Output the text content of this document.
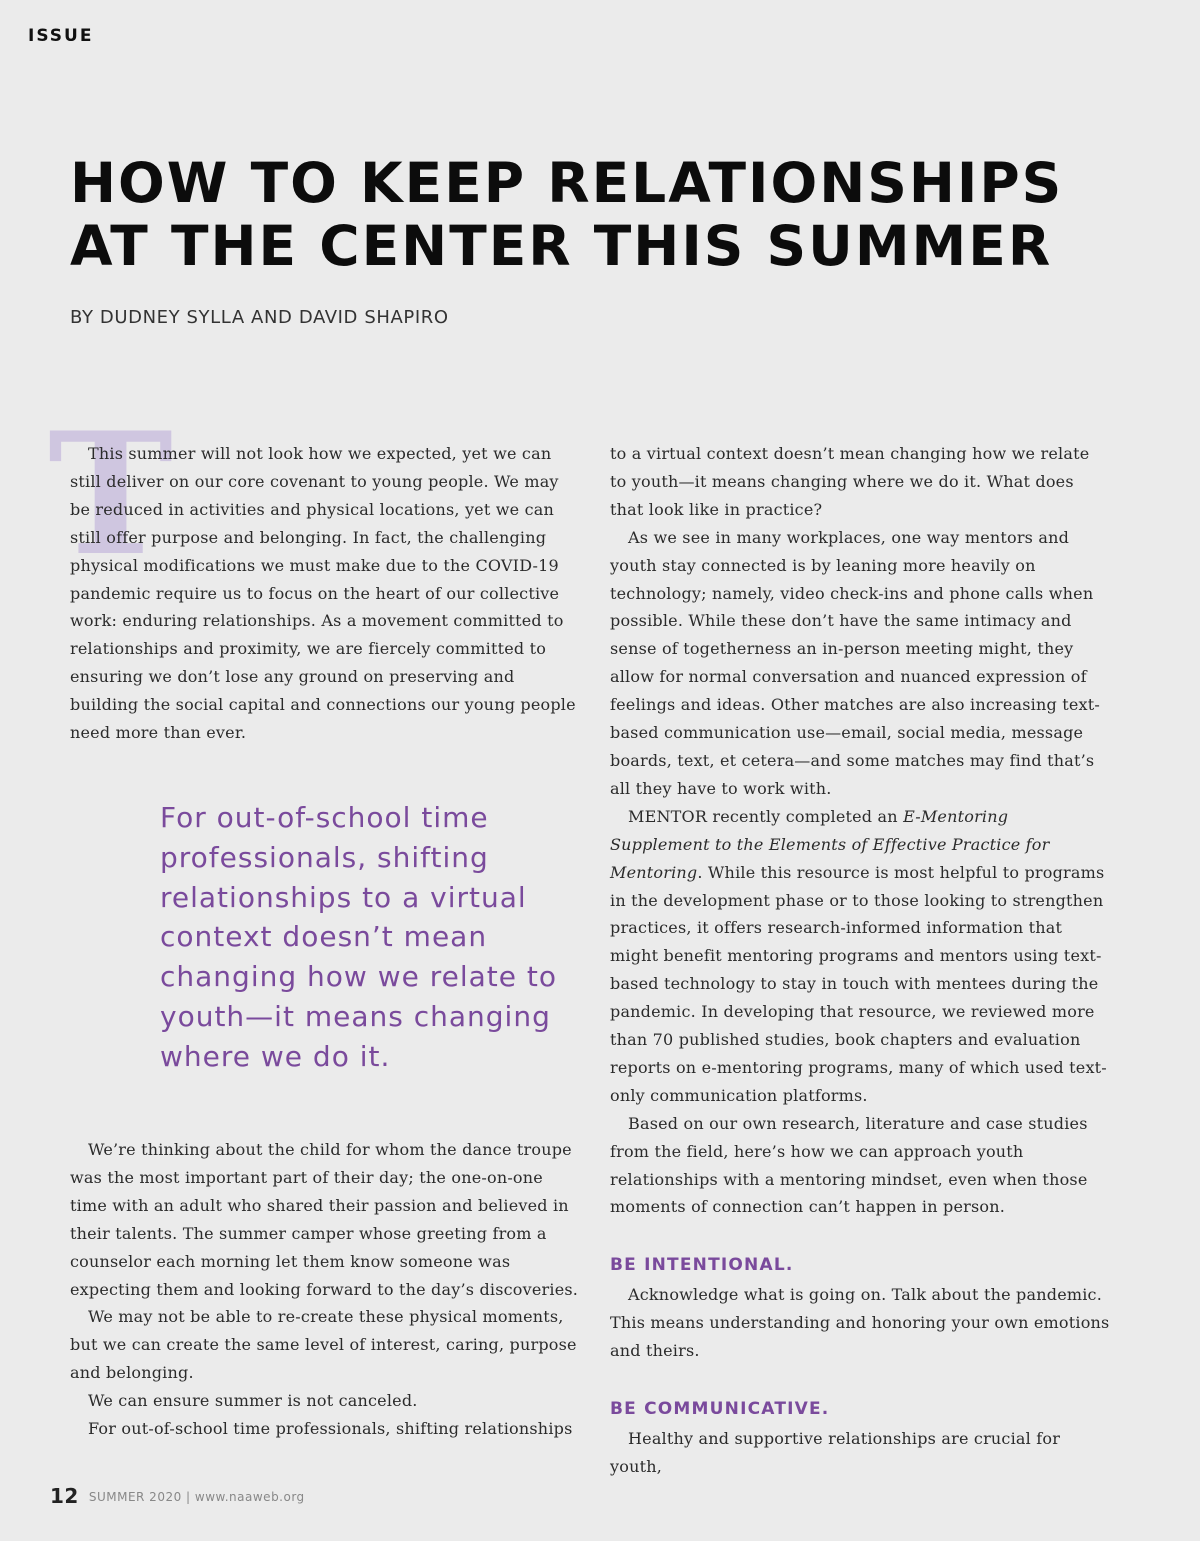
ISSUE
HOW TO KEEP RELATIONSHIPS
AT THE CENTER THIS SUMMER
BY DUDNEY SYLLA AND DAVID SHAPIRO
T

This summer will not look how we expected, yet we can still deliver on our core covenant to young people. We may be reduced in activities and physical locations, yet we can still offer purpose and belonging. In fact, the challenging physical modifications we must make due to the COVID-19 pandemic require us to focus on the heart of our collective work: enduring relationships. As a movement committed to relationships and proximity, we are fiercely committed to ensuring we don’t lose any ground on preserving and building the social capital and connections our young people need more than ever.

For out-of-school time professionals, shifting relationships to a virtual context doesn’t mean changing how we relate to youth—it means changing where we do it.

We’re thinking about the child for whom the dance troupe was the most important part of their day; the one-on-one time with an adult who shared their passion and believed in their talents. The summer camper whose greeting from a counselor each morning let them know someone was expecting them and looking forward to the day’s discoveries.

We may not be able to re-create these physical moments, but we can create the same level of interest, caring, purpose and belonging.

We can ensure summer is not canceled.

For out-of-school time professionals, shifting relationships

to a virtual context doesn’t mean changing how we relate to youth—it means changing where we do it. What does that look like in practice?

As we see in many workplaces, one way mentors and youth stay connected is by leaning more heavily on technology; namely, video check-ins and phone calls when possible. While these don’t have the same intimacy and sense of togetherness an in-person meeting might, they allow for normal conversation and nuanced expression of feelings and ideas. Other matches are also increasing text-based communication use—email, social media, message boards, text, et cetera—and some matches may find that’s all they have to work with.

MENTOR recently completed an E-Mentoring Supplement to the Elements of Effective Practice for Mentoring. While this resource is most helpful to programs in the development phase or to those looking to strengthen practices, it offers research-informed information that might benefit mentoring programs and mentors using text-based technology to stay in touch with mentees during the pandemic. In developing that resource, we reviewed more than 70 published studies, book chapters and evaluation reports on e-mentoring programs, many of which used text-only communication platforms.

Based on our own research, literature and case studies from the field, here’s how we can approach youth relationships with a mentoring mindset, even when those moments of connection can’t happen in person.

BE INTENTIONAL.

Acknowledge what is going on. Talk about the pandemic. This means understanding and honoring your own emotions and theirs.

BE COMMUNICATIVE.

Healthy and supportive relationships are crucial for youth,

12 SUMMER 2020 | www.naaweb.org
